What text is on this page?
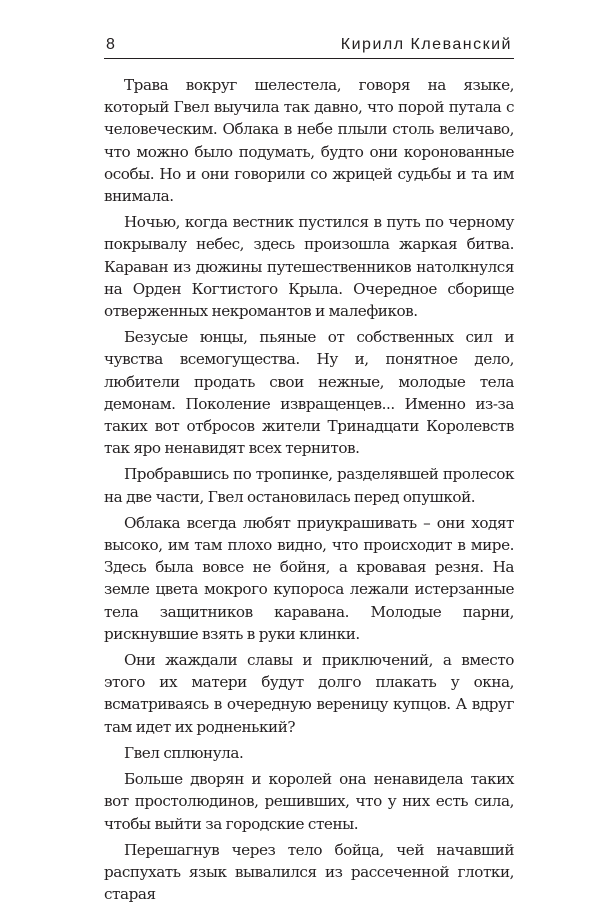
8	Кирилл Клеванский

Трава вокруг шелестела, говоря на языке, который Гвел выучила так давно, что порой путала с человеческим. Облака в небе плыли столь величаво, что можно было подумать, будто они коронованные особы. Но и они говорили со жрицей судьбы и та им внимала.

Ночью, когда вестник пустился в путь по черному покрывалу небес, здесь произошла жаркая битва. Караван из дюжины путешественников натолкнулся на Орден Когтистого Крыла. Очередное сборище отверженных некромантов и малефиков.

Безусые юнцы, пьяные от собственных сил и чувства всемогущества. Ну и, понятное дело, любители продать свои нежные, молодые тела демонам. Поколение извращенцев... Именно из-за таких вот отбросов жители Тринадцати Королевств так яро ненавидят всех тернитов.

Пробравшись по тропинке, разделявшей пролесок на две части, Гвел остановилась перед опушкой.

Облака всегда любят приукрашивать – они ходят высоко, им там плохо видно, что происходит в мире. Здесь была вовсе не бойня, а кровавая резня. На земле цвета мокрого купороса лежали истерзанные тела защитников каравана. Молодые парни, рискнувшие взять в руки клинки.

Они жаждали славы и приключений, а вместо этого их матери будут долго плакать у окна, всматриваясь в очередную вереницу купцов. А вдруг там идет их родненький?

Гвел сплюнула.

Больше дворян и королей она ненавидела таких вот простолюдинов, решивших, что у них есть сила, чтобы выйти за городские стены.

Перешагнув через тело бойца, чей начавший распухать язык вывалился из рассеченной глотки, старая
